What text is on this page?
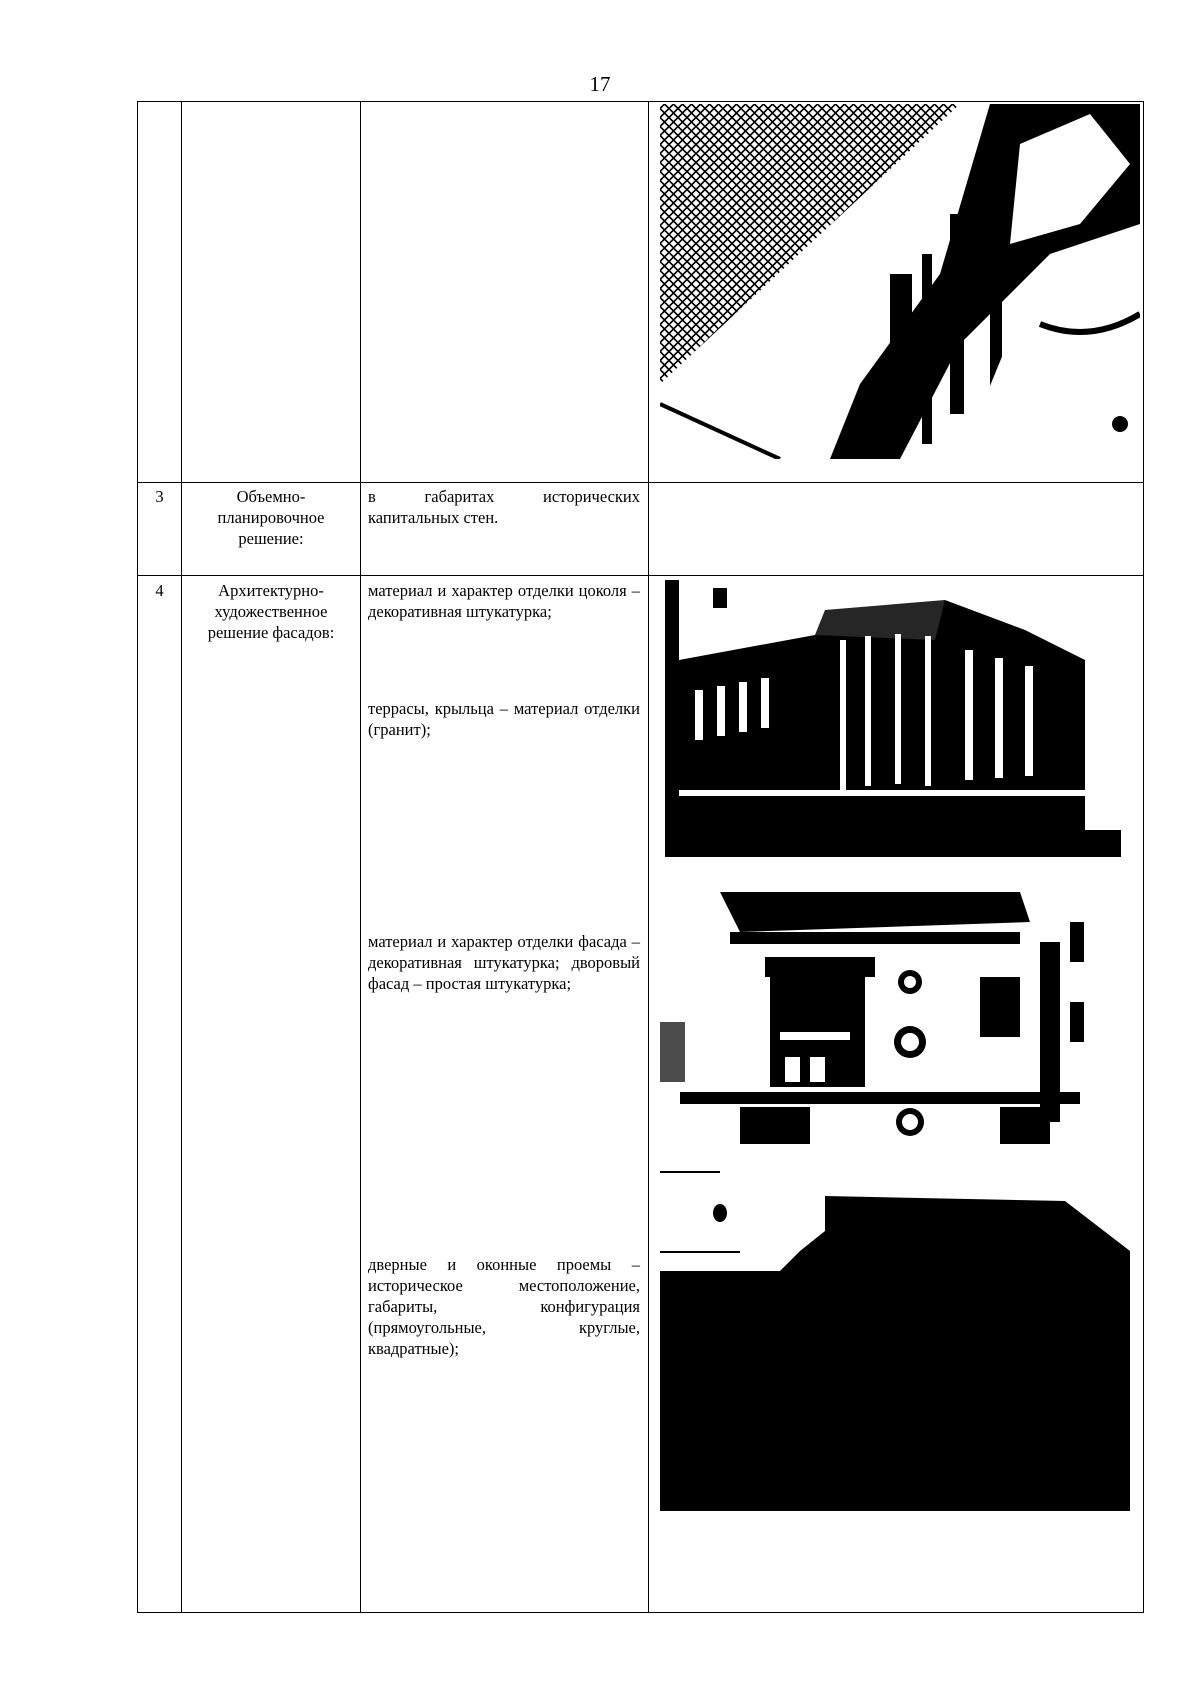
17
3	Объемно-планировочное решение:
в габаритах исторических капитальных стен.
4	Архитектурно-художественное решение фасадов:
материал и характер отделки цоколя – декоративная штукатурка;
террасы, крыльца – материал отделки (гранит);
материал и характер отделки фасада – декоративная штукатурка; дворовый фасад – простая штукатурка;
дверные и оконные проемы – историческое местоположение, габариты, конфигурация (прямоугольные, круглые, квадратные);
